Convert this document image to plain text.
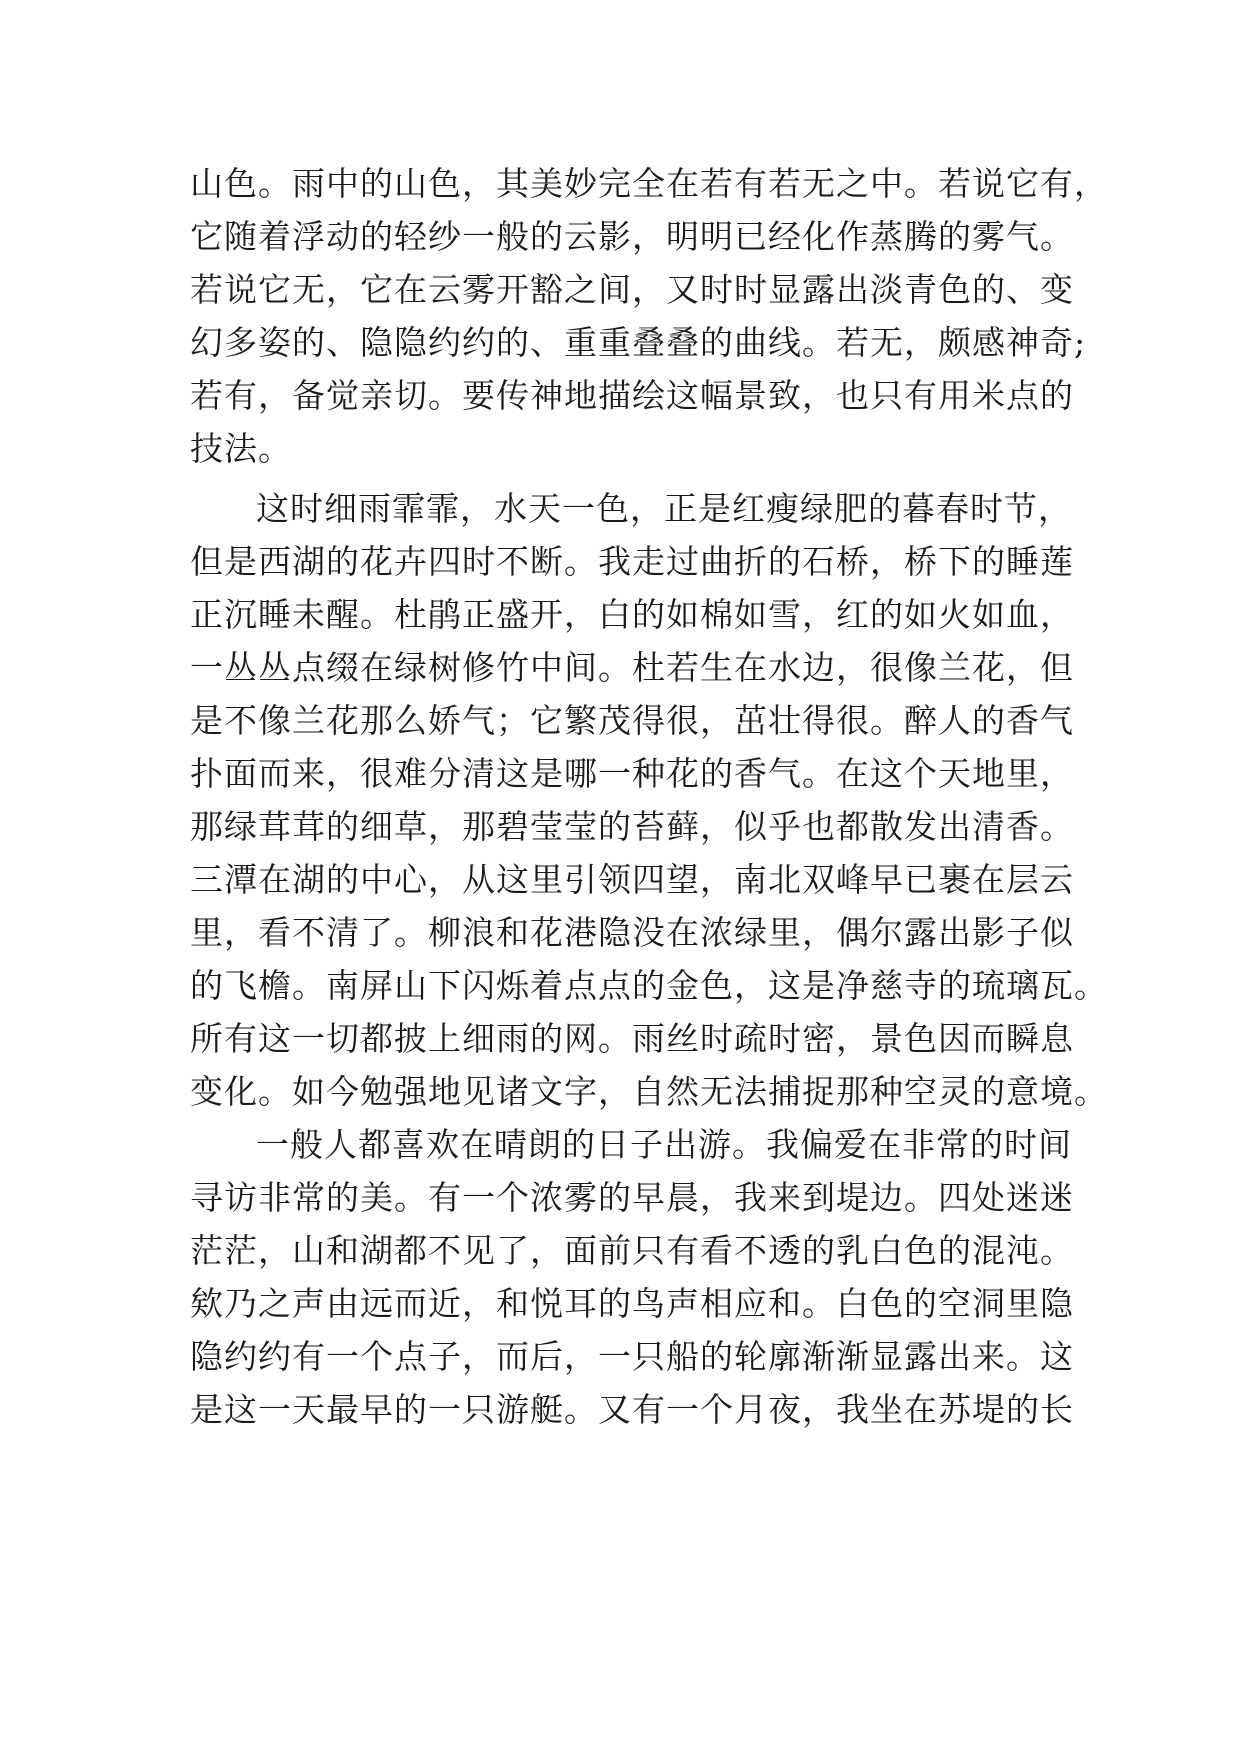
山色。雨中的山色，其美妙完全在若有若无之中。若说它有，
它随着浮动的轻纱一般的云影，明明已经化作蒸腾的雾气。
若说它无，它在云雾开豁之间，又时时显露出淡青色的、变
幻多姿的、隐隐约约的、重重叠叠的曲线。若无，颇感神奇;
若有，备觉亲切。要传神地描绘这幅景致，也只有用米点的
技法。
这时细雨霏霏，水天一色，正是红瘦绿肥的暮春时节，
但是西湖的花卉四时不断。我走过曲折的石桥，桥下的睡莲
正沉睡未醒。杜鹃正盛开，白的如棉如雪，红的如火如血，
一丛丛点缀在绿树修竹中间。杜若生在水边，很像兰花，但
是不像兰花那么娇气；它繁茂得很，茁壮得很。醉人的香气
扑面而来，很难分清这是哪一种花的香气。在这个天地里，
那绿茸茸的细草，那碧莹莹的苔藓，似乎也都散发出清香。
三潭在湖的中心，从这里引领四望，南北双峰早已裹在层云
里，看不清了。柳浪和花港隐没在浓绿里，偶尔露出影子似
的飞檐。南屏山下闪烁着点点的金色，这是净慈寺的琉璃瓦。
所有这一切都披上细雨的网。雨丝时疏时密，景色因而瞬息
变化。如今勉强地见诸文字，自然无法捕捉那种空灵的意境。
一般人都喜欢在晴朗的日子出游。我偏爱在非常的时间
寻访非常的美。有一个浓雾的早晨，我来到堤边。四处迷迷
茫茫，山和湖都不见了，面前只有看不透的乳白色的混沌。
欸乃之声由远而近，和悦耳的鸟声相应和。白色的空洞里隐
隐约约有一个点子，而后，一只船的轮廓渐渐显露出来。这
是这一天最早的一只游艇。又有一个月夜，我坐在苏堤的长
